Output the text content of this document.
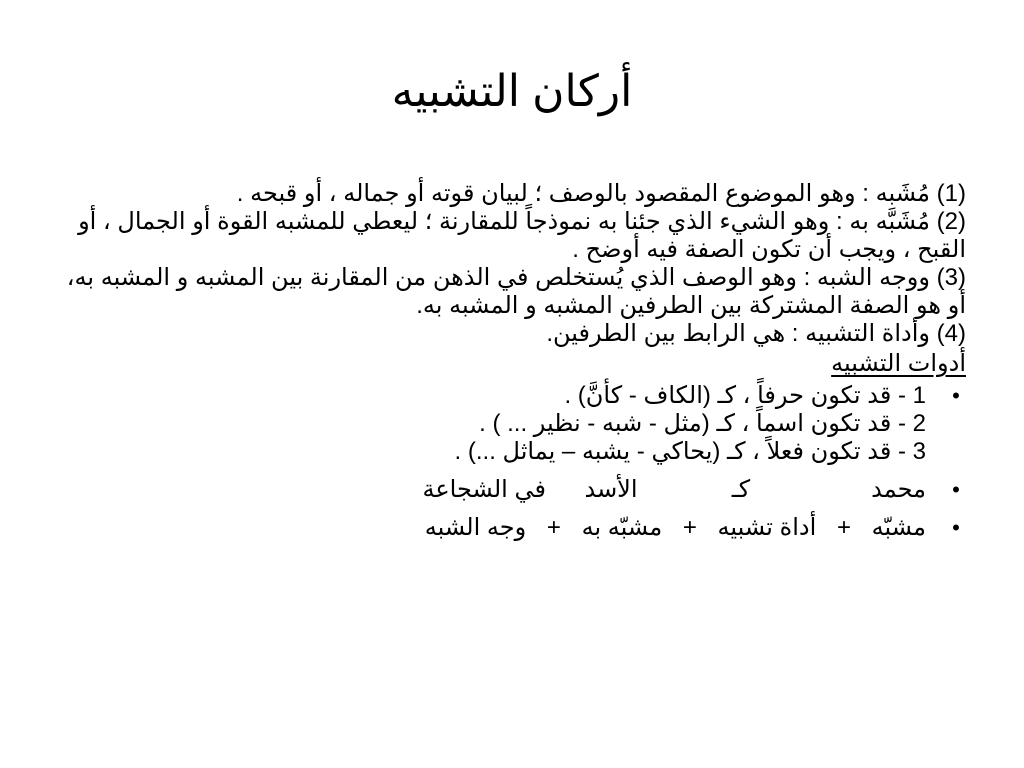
أركان التشبيه

(1) مُشَبه : وهو الموضوع المقصود بالوصف ؛ لبيان قوته أو جماله ، أو قبحه .

(2) مُشَبَّه به : وهو الشيء الذي جئنا به نموذجاً للمقارنة ؛ ليعطي للمشبه القوة أو الجمال ، أو القبح ، ويجب أن تكون الصفة فيه أوضح .

(3) ووجه الشبه : وهو الوصف الذي يُستخلص في الذهن من المقارنة بين المشبه و المشبه به، أو هو الصفة المشتركة بين الطرفين المشبه و المشبه به.

(4) وأداة التشبيه : هي الرابط بين الطرفين.

أدوات التشبيه

•
1 - قد تكون حرفاً ، كـ (الكاف - كأنَّ) .
2 - قد تكون اسماً ، كـ (مثل - شبه - نظير ... ) .
3 - قد تكون فعلاً ، كـ (يحاكي - يشبه – يماثل ...) .
•
محمد
كـ
الأسد
في الشجاعة
•
مشبّه + أداة تشبيه + مشبّه به + وجه الشبه
